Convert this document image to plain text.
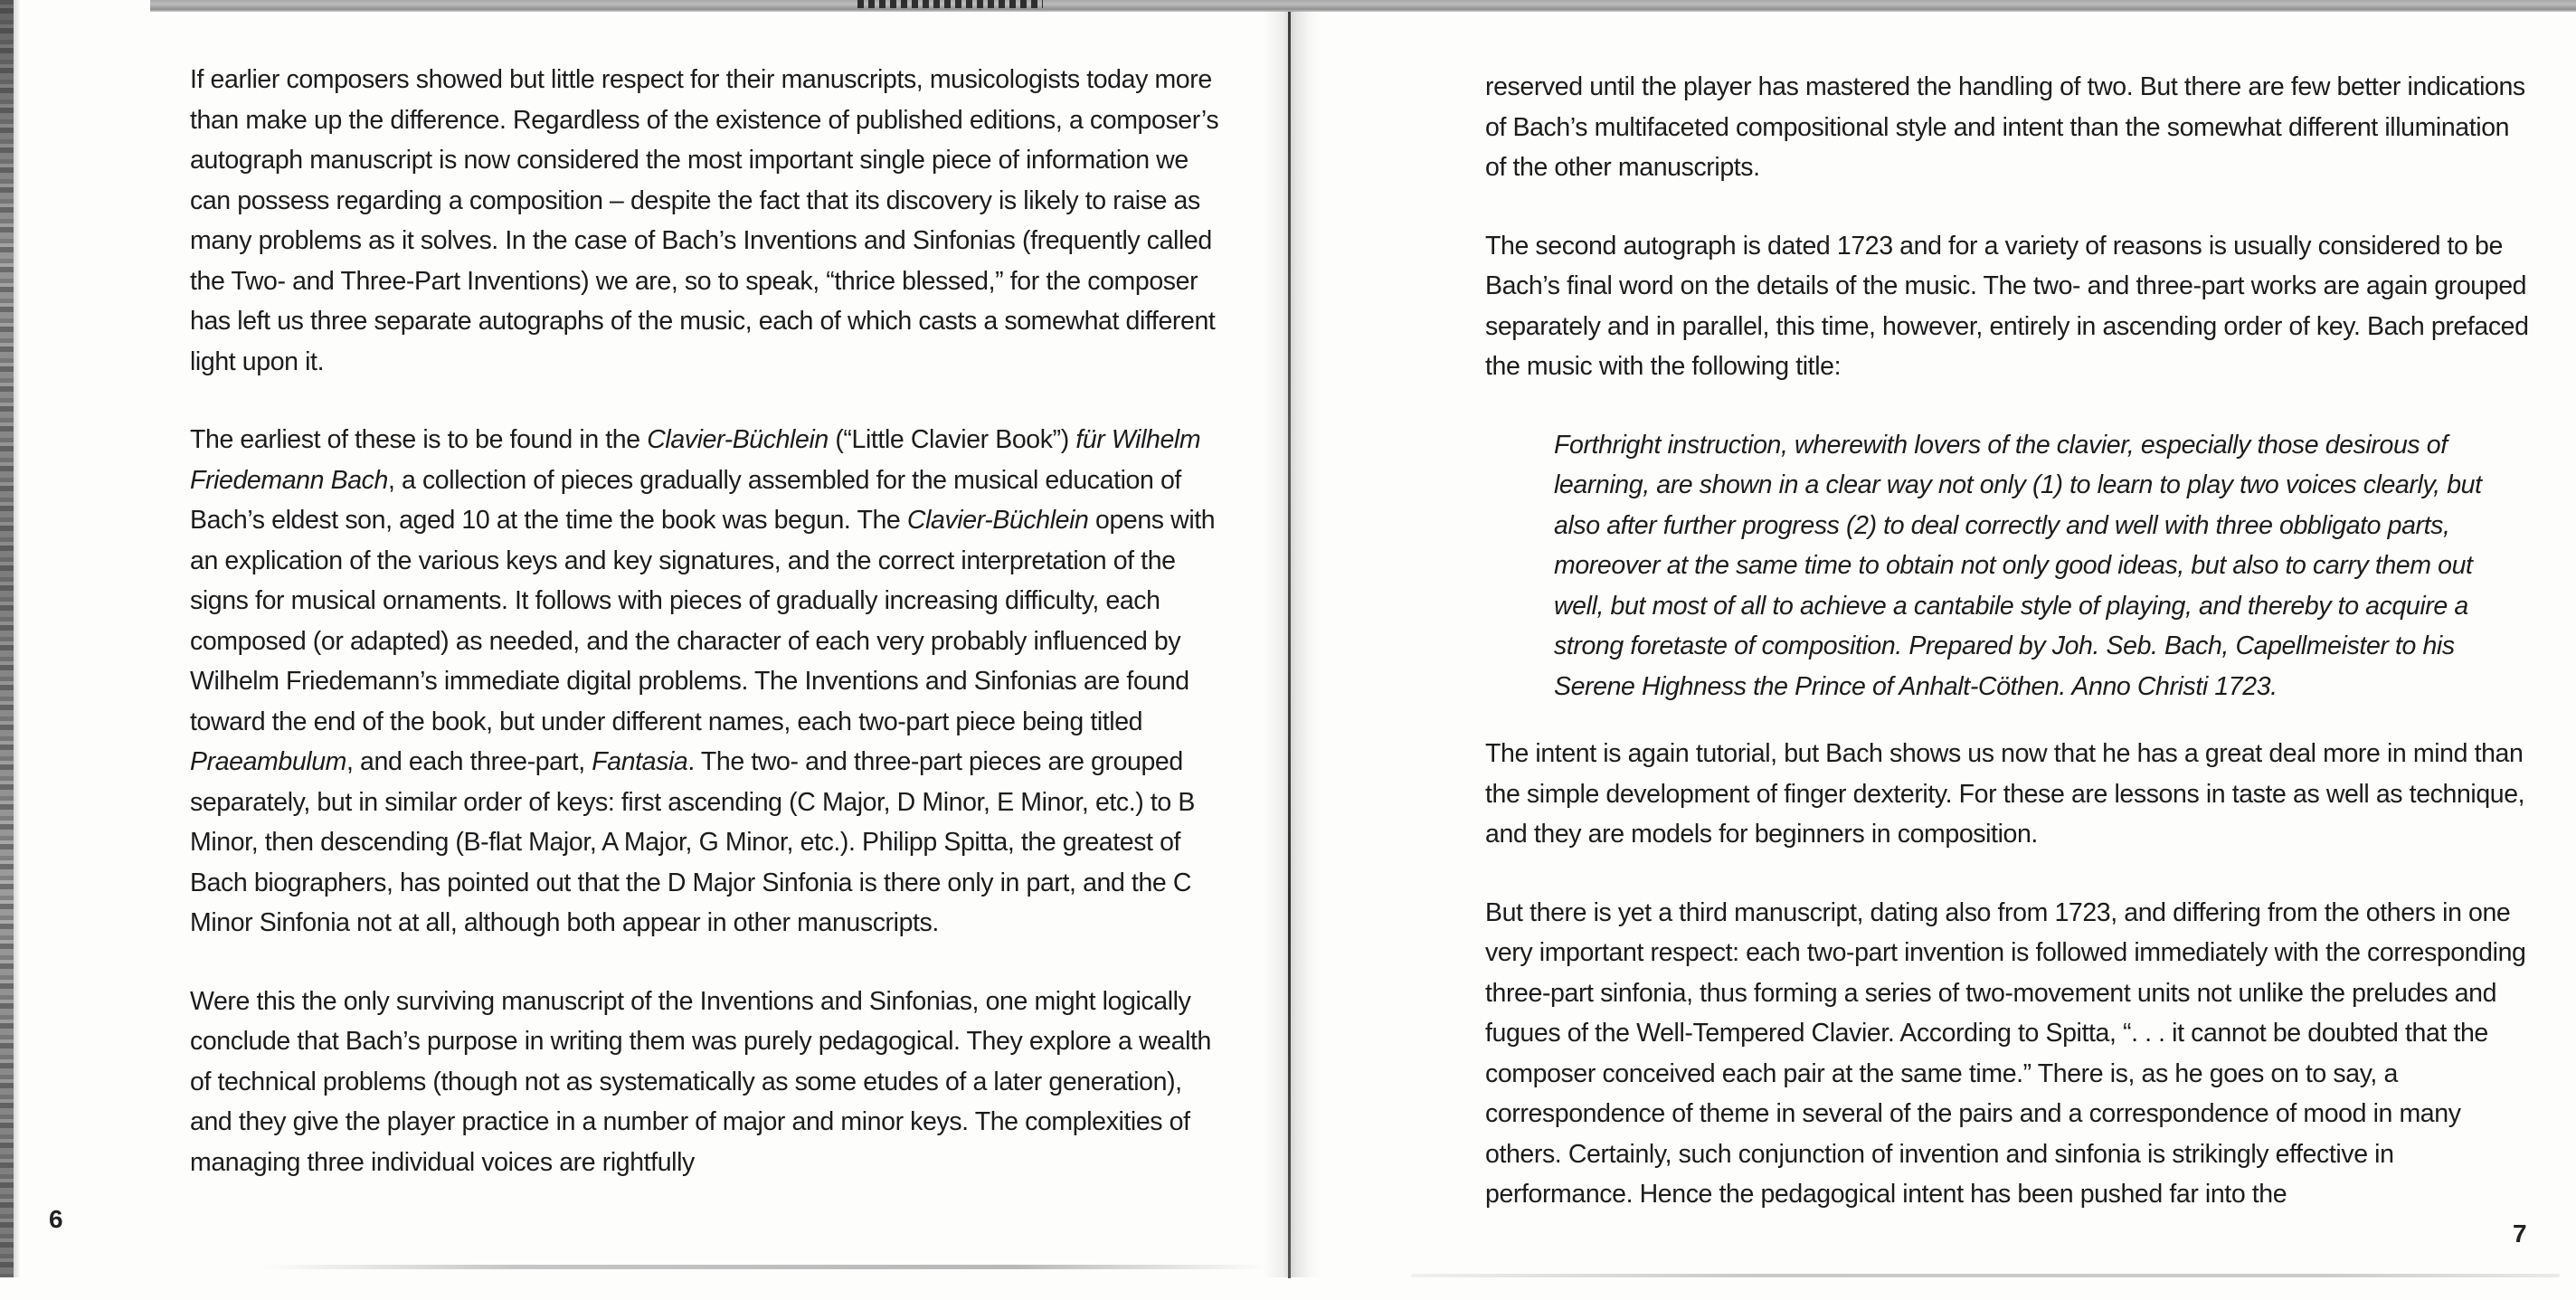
If earlier composers showed but little respect for their manuscripts, musicologists today more than make up the difference. Regardless of the existence of published editions, a composer’s autograph manuscript is now considered the most important single piece of information we can possess regarding a composition – despite the fact that its discovery is likely to raise as many problems as it solves. In the case of Bach’s Inventions and Sinfonias (frequently called the Two- and Three-Part Inventions) we are, so to speak, “thrice blessed,” for the composer has left us three separate autographs of the music, each of which casts a somewhat different light upon it.

The earliest of these is to be found in the Clavier-Büchlein (“Little Clavier Book”) für Wilhelm Friedemann Bach, a collection of pieces gradually assembled for the musical education of Bach’s eldest son, aged 10 at the time the book was begun. The Clavier-Büchlein opens with an explication of the various keys and key signatures, and the correct interpretation of the signs for musical ornaments. It follows with pieces of gradually increasing difficulty, each composed (or adapted) as needed, and the character of each very probably influenced by Wilhelm Friedemann’s immediate digital problems. The Inventions and Sinfonias are found toward the end of the book, but under different names, each two-part piece being titled Praeambulum, and each three-part, Fantasia. The two- and three-part pieces are grouped separately, but in similar order of keys: first ascending (C Major, D Minor, E Minor, etc.) to B Minor, then descending (B-flat Major, A Major, G Minor, etc.). Philipp Spitta, the greatest of Bach biographers, has pointed out that the D Major Sinfonia is there only in part, and the C Minor Sinfonia not at all, although both appear in other manuscripts.

Were this the only surviving manuscript of the Inventions and Sinfonias, one might logically conclude that Bach’s purpose in writing them was purely pedagogical. They explore a wealth of technical problems (though not as systematically as some etudes of a later generation), and they give the player practice in a number of major and minor keys. The complexities of managing three individual voices are rightfully

6

reserved until the player has mastered the handling of two. But there are few better indications of Bach’s multifaceted compositional style and intent than the somewhat different illumination of the other manuscripts.

The second autograph is dated 1723 and for a variety of reasons is usually considered to be Bach’s final word on the details of the music. The two- and three-part works are again grouped separately and in parallel, this time, however, entirely in ascending order of key. Bach prefaced the music with the following title:

Forthright instruction, wherewith lovers of the clavier, especially those desirous of learning, are shown in a clear way not only (1) to learn to play two voices clearly, but also after further progress (2) to deal correctly and well with three obbligato parts, moreover at the same time to obtain not only good ideas, but also to carry them out well, but most of all to achieve a cantabile style of playing, and thereby to acquire a strong foretaste of composition. Prepared by Joh. Seb. Bach, Capellmeister to his Serene Highness the Prince of Anhalt-Cöthen. Anno Christi 1723.

The intent is again tutorial, but Bach shows us now that he has a great deal more in mind than the simple development of finger dexterity. For these are lessons in taste as well as technique, and they are models for beginners in composition.

But there is yet a third manuscript, dating also from 1723, and differing from the others in one very important respect: each two-part invention is followed immediately with the corresponding three-part sinfonia, thus forming a series of two-movement units not unlike the preludes and fugues of the Well-Tempered Clavier. According to Spitta, “. . . it cannot be doubted that the composer conceived each pair at the same time.” There is, as he goes on to say, a correspondence of theme in several of the pairs and a correspondence of mood in many others. Certainly, such conjunction of invention and sinfonia is strikingly effective in performance. Hence the pedagogical intent has been pushed far into the

7
